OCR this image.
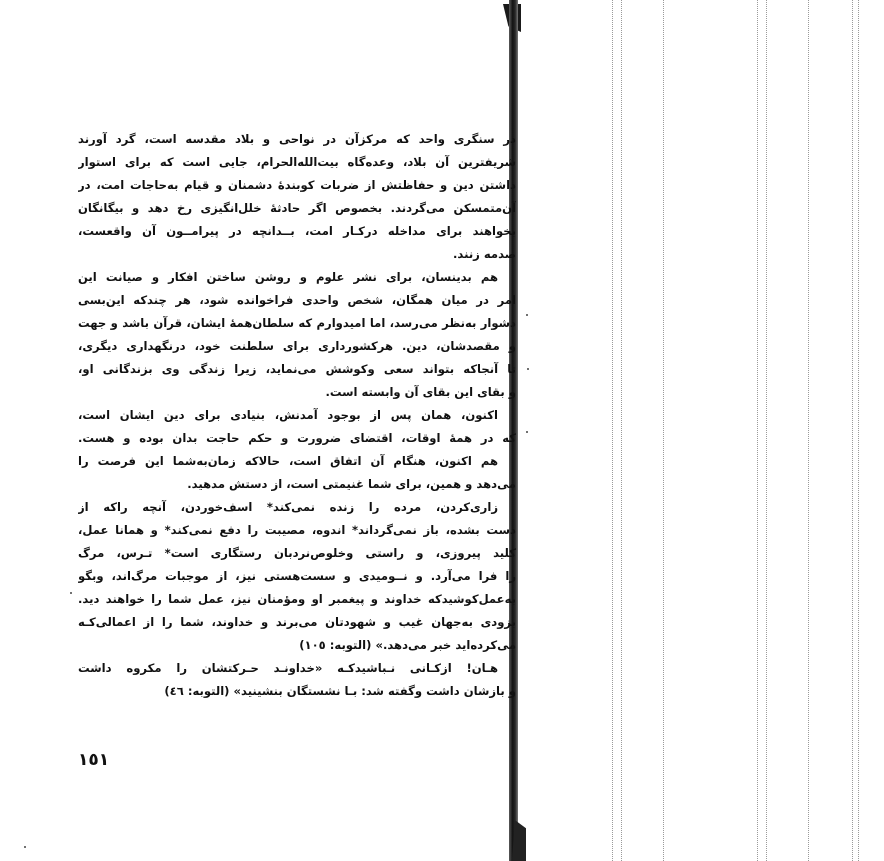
در سنگری واحد که مرکزآن در نواحی و بلاد مقدسه است، گرد آورند
شریفترین آن بلاد، وعده‌گاه بیت‌الله‌الحرام، جایی است که برای استوار
داشتن دین و حفاظتش از ضربات کوبندهٔ دشمنان و قیام به‌حاجات امت، در
آن‌متمسکن می‌گردند. بخصوص اگر حادثهٔ خلل‌انگیزی رخ دهد و بیگانگان
بخواهند برای مداخله درکـار امت، بــدانچه در پیرامــون آن واقعست،
صدمه زنند.
هم بدینسان، برای نشر علوم و روشن ساختن افکار و صیانت این
امر در میان همگان، شخص واحدی فراخوانده شود، هر چندکه این‌بسی
دشوار به‌نظر می‌رسد، اما امیدوارم که سلطان‌همهٔ ایشان، قرآن باشد و جهت
و مقصدشان، دین. هرکشورداری برای سلطنت خود، درنگهداری دیگری،
تا آنجاکه بتواند سعی وکوشش می‌نماید، زیرا زندگی وی بزندگانی او،
و بقای این بقای آن وابسته است.
اکنون، همان پس از بوجود آمدنش، بنیادی برای دین ایشان است،
که در همهٔ اوقات، اقتضای ضرورت و حکم حاجت بدان بوده و هست.
هم اکنون، هنگام آن اتفاق است، حالاکه زمان‌به‌شما این فرصت را
می‌دهد و همین، برای شما غنیمتی است، از دستش مدهید.
زاری‌کردن، مرده را زنده نمی‌کند* اسف‌خوردن، آنچه راکه از
دست بشده، باز نمی‌گرداند* اندوه، مصیبت را دفع نمی‌کند* و همانا عمل،
کلید پیروزی، و راستی وخلوص‌نردبان رستگاری است* تـرس، مرگ
را فرا می‌آرد. و نــومیدی و سست‌هستی نیز، از موجبات مرگ‌اند، وبگو
به‌عمل‌کوشیدکه خداوند و پیغمبر او ومؤمنان نیز، عمل شما را خواهند دید.
بزودی به‌جهان غیب و شهودتان می‌برند و خداوند، شما را از اعمالی‌کـه
می‌کرده‌اید خبر می‌دهد.» (التوبه: ١٠٥)
هـان! ازکـانی نـباشیدکـه «خداونـد حـرکتشان را مکروه داشت
و بازشان داشت وگفته شد: بـا نشستگان بنشینید» (التوبه: ٤٦)
١٥١
